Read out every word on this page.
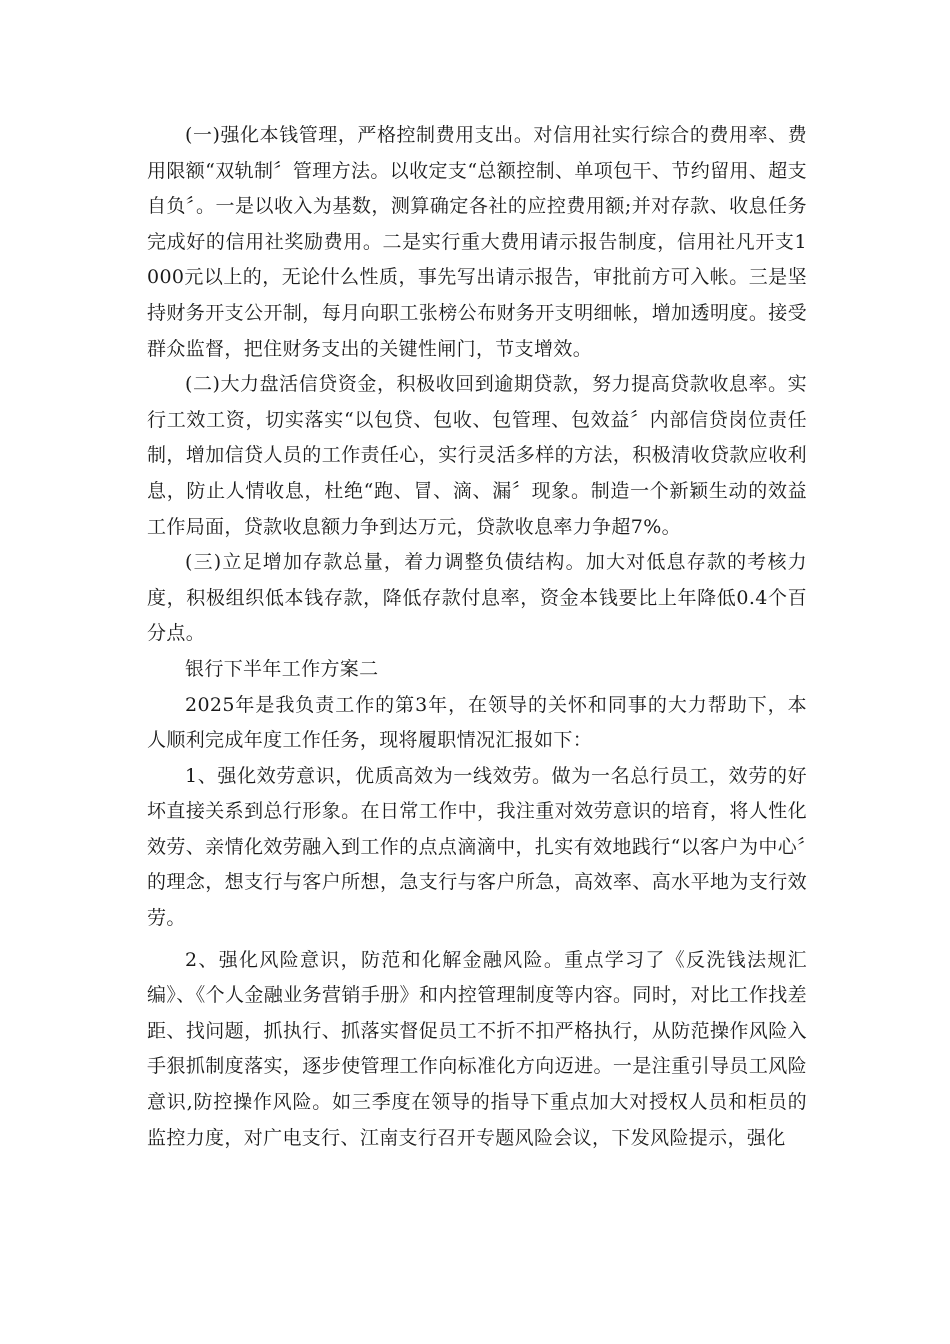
(一)强化本钱管理，严格控制费用支出。对信用社实行综合的费用率、费用限额“双轨制〞管理方法。以收定支“总额控制、单项包干、节约留用、超支自负〞。一是以收入为基数，测算确定各社的应控费用额;并对存款、收息任务完成好的信用社奖励费用。二是实行重大费用请示报告制度，信用社凡开支1000元以上的，无论什么性质，事先写出请示报告，审批前方可入帐。三是坚持财务开支公开制，每月向职工张榜公布财务开支明细帐，增加透明度。接受群众监督，把住财务支出的关键性闸门，节支增效。

(二)大力盘活信贷资金，积极收回到逾期贷款，努力提高贷款收息率。实行工效工资，切实落实“以包贷、包收、包管理、包效益〞内部信贷岗位责任制，增加信贷人员的工作责任心，实行灵活多样的方法，积极清收贷款应收利息，防止人情收息，杜绝“跑、冒、滴、漏〞现象。制造一个新颖生动的效益工作局面，贷款收息额力争到达万元，贷款收息率力争超7%。

(三)立足增加存款总量，着力调整负债结构。加大对低息存款的考核力度，积极组织低本钱存款，降低存款付息率，资金本钱要比上年降低0.4个百分点。

银行下半年工作方案二

2025年是我负责工作的第3年，在领导的关怀和同事的大力帮助下，本人顺利完成年度工作任务，现将履职情况汇报如下：

1、强化效劳意识，优质高效为一线效劳。做为一名总行员工，效劳的好坏直接关系到总行形象。在日常工作中，我注重对效劳意识的培育，将人性化效劳、亲情化效劳融入到工作的点点滴滴中，扎实有效地践行“以客户为中心〞的理念，想支行与客户所想，急支行与客户所急，高效率、高水平地为支行效劳。

2、强化风险意识，防范和化解金融风险。重点学习了《反洗钱法规汇编》、《个人金融业务营销手册》和内控管理制度等内容。同时，对比工作找差距、找问题，抓执行、抓落实督促员工不折不扣严格执行，从防范操作风险入手狠抓制度落实，逐步使管理工作向标准化方向迈进。一是注重引导员工风险意识,防控操作风险。如三季度在领导的指导下重点加大对授权人员和柜员的监控力度，对广电支行、江南支行召开专题风险会议，下发风险提示，强化
